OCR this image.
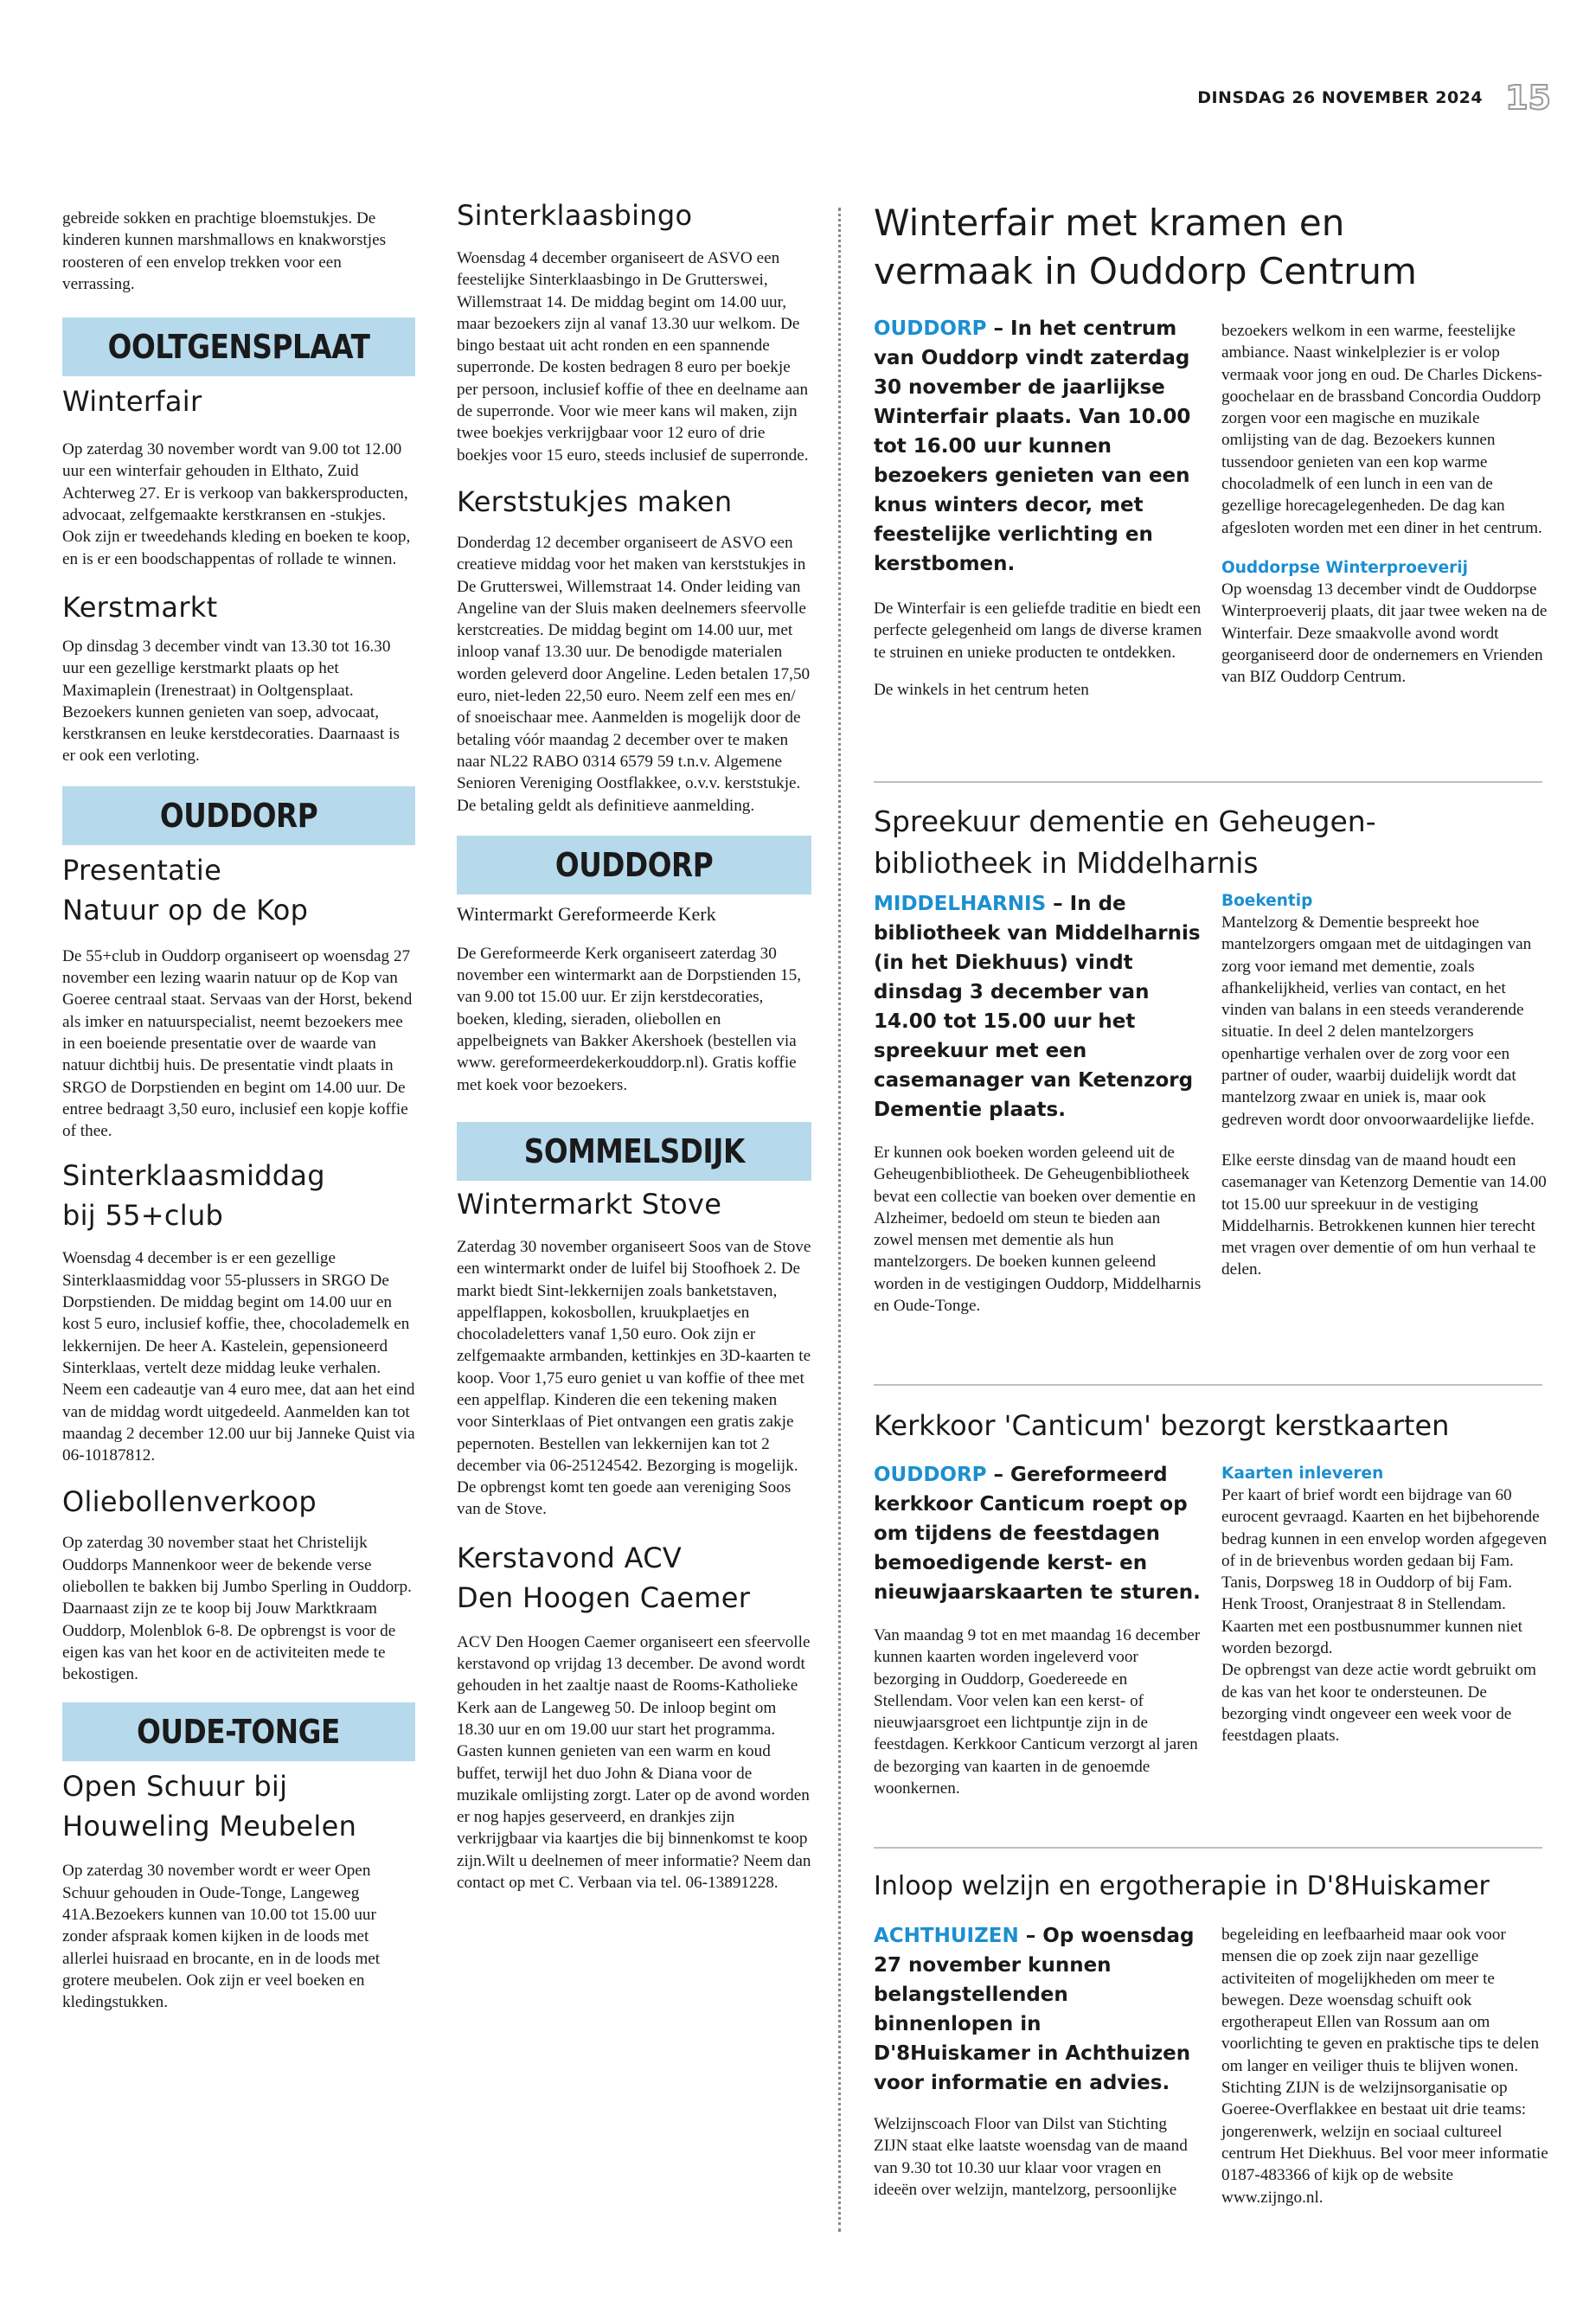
DINSDAG 26 NOVEMBER 2024 15

gebreide sokken en prachtige bloemstukjes. De kinderen kunnen marshmallows en knakworstjes roosteren of een envelop trekken voor een verrassing.

OOLTGENSPLAAT
Winterfair

Op zaterdag 30 november wordt van 9.00 tot 12.00 uur een winterfair gehouden in Elthato, Zuid Achterweg 27. Er is verkoop van bakkersproducten, advocaat, zelfgemaakte kerstkransen en -stukjes. Ook zijn er tweedehands kleding en boeken te koop, en is er een boodschappentas of rollade te winnen.

Kerstmarkt

Op dinsdag 3 december vindt van 13.30 tot 16.30 uur een gezellige kerstmarkt plaats op het Maximaplein (Irenestraat) in Ooltgensplaat. Bezoekers kunnen genieten van soep, advocaat, kerstkransen en leuke kerstdecoraties. Daarnaast is er ook een verloting.

OUDDORP
Presentatie
Natuur op de Kop

De 55+club in Ouddorp organiseert op woensdag 27 november een lezing waarin natuur op de Kop van Goeree centraal staat. Servaas van der Horst, bekend als imker en natuurspecialist, neemt bezoekers mee in een boeiende presentatie over de waarde van natuur dichtbij huis. De presentatie vindt plaats in SRGO de Dorpstienden en begint om 14.00 uur. De entree bedraagt 3,50 euro, inclusief een kopje koffie of thee.

Sinterklaasmiddag
bij 55+club

Woensdag 4 december is er een gezellige Sinterklaasmiddag voor 55-plussers in SRGO De Dorpstienden. De middag begint om 14.00 uur en kost 5 euro, inclusief koffie, thee, chocolademelk en lekkernijen. De heer A. Kastelein, gepensioneerd Sinterklaas, vertelt deze middag leuke verhalen. Neem een cadeautje van 4 euro mee, dat aan het eind van de middag wordt uitgedeeld. Aanmelden kan tot maandag 2 december 12.00 uur bij Janneke Quist via 06-10187812.

Oliebollenverkoop

Op zaterdag 30 november staat het Christelijk Ouddorps Mannenkoor weer de bekende verse oliebollen te bakken bij Jumbo Sperling in Ouddorp. Daarnaast zijn ze te koop bij Jouw Marktkraam Ouddorp, Molenblok 6-8. De opbrengst is voor de eigen kas van het koor en de activiteiten mede te bekostigen.

OUDE-TONGE
Open Schuur bij
Houweling Meubelen

Op zaterdag 30 november wordt er weer Open Schuur gehouden in Oude-Tonge, Langeweg 41A.Bezoekers kunnen van 10.00 tot 15.00 uur zonder afspraak komen kijken in de loods met allerlei huisraad en brocante, en in de loods met grotere meubelen. Ook zijn er veel boeken en kledingstukken.

Sinterklaasbingo

Woensdag 4 december organiseert de ASVO een feestelijke Sinterklaasbingo in De Grutterswei, Willemstraat 14. De middag begint om 14.00 uur, maar bezoekers zijn al vanaf 13.30 uur welkom. De bingo bestaat uit acht ronden en een spannende superronde. De kosten bedragen 8 euro per boekje per persoon, inclusief koffie of thee en deelname aan de superronde. Voor wie meer kans wil maken, zijn twee boekjes verkrijgbaar voor 12 euro of drie boekjes voor 15 euro, steeds inclusief de superronde.

Kerststukjes maken

Donderdag 12 december organiseert de ASVO een creatieve middag voor het maken van kerststukjes in De Grutterswei, Willemstraat 14. Onder leiding van Angeline van der Sluis maken deelnemers sfeervolle kerstcreaties. De middag begint om 14.00 uur, met inloop vanaf 13.30 uur. De benodigde materialen worden geleverd door Angeline. Leden betalen 17,50 euro, niet-leden 22,50 euro. Neem zelf een mes en/ of snoeischaar mee. Aanmelden is mogelijk door de betaling vóór maandag 2 december over te maken naar NL22 RABO 0314 6579 59 t.n.v. Algemene Senioren Vereniging Oostflakkee, o.v.v. kerststukje. De betaling geldt als definitieve aanmelding.

OUDDORP

Wintermarkt Gereformeerde Kerk

De Gereformeerde Kerk organiseert zaterdag 30 november een wintermarkt aan de Dorpstienden 15, van 9.00 tot 15.00 uur. Er zijn kerstdecoraties, boeken, kleding, sieraden, oliebollen en appelbeignets van Bakker Akershoek (bestellen via www. gereformeerdekerkouddorp.nl). Gratis koffie met koek voor bezoekers.

SOMMELSDIJK
Wintermarkt Stove

Zaterdag 30 november organiseert Soos van de Stove een wintermarkt onder de luifel bij Stoofhoek 2. De markt biedt Sint-lekkernijen zoals banketstaven, appelflappen, kokosbollen, kruukplaetjes en chocoladeletters vanaf 1,50 euro. Ook zijn er zelfgemaakte armbanden, kettinkjes en 3D-kaarten te koop. Voor 1,75 euro geniet u van koffie of thee met een appelflap. Kinderen die een tekening maken voor Sinterklaas of Piet ontvangen een gratis zakje pepernoten. Bestellen van lekkernijen kan tot 2 december via 06-25124542. Bezorging is mogelijk. De opbrengst komt ten goede aan vereniging Soos van de Stove.

Kerstavond ACV
Den Hoogen Caemer

ACV Den Hoogen Caemer organiseert een sfeervolle kerstavond op vrijdag 13 december. De avond wordt gehouden in het zaaltje naast de Rooms-Katholieke Kerk aan de Langeweg 50. De inloop begint om 18.30 uur en om 19.00 uur start het programma. Gasten kunnen genieten van een warm en koud buffet, terwijl het duo John & Diana voor de muzikale omlijsting zorgt. Later op de avond worden er nog hapjes geserveerd, en drankjes zijn verkrijgbaar via kaartjes die bij binnenkomst te koop zijn.Wilt u deelnemen of meer informatie? Neem dan contact op met C. Verbaan via tel. 06-13891228.

Winterfair met kramen en
vermaak in Ouddorp Centrum

OUDDORP – In het centrum van Ouddorp vindt zaterdag 30 november de jaarlijkse Winterfair plaats. Van 10.00 tot 16.00 uur kunnen bezoekers genieten van een knus winters decor, met feestelijke verlichting en kerstbomen.

De Winterfair is een geliefde traditie en biedt een perfecte gelegenheid om langs de diverse kramen te struinen en unieke producten te ontdekken.

De winkels in het centrum heten

bezoekers welkom in een warme, feestelijke ambiance. Naast winkelplezier is er volop vermaak voor jong en oud. De Charles Dickens-goochelaar en de brassband Concordia Ouddorp zorgen voor een magische en muzikale omlijsting van de dag. Bezoekers kunnen tussendoor genieten van een kop warme chocoladmelk of een lunch in een van de gezellige horecagelegenheden. De dag kan afgesloten worden met een diner in het centrum.

Ouddorpse Winterproeverij

Op woensdag 13 december vindt de Ouddorpse Winterproeverij plaats, dit jaar twee weken na de Winterfair. Deze smaakvolle avond wordt georganiseerd door de ondernemers en Vrienden van BIZ Ouddorp Centrum.

Spreekuur dementie en Geheugen-
bibliotheek in Middelharnis

MIDDELHARNIS – In de bibliotheek van Middelharnis (in het Diekhuus) vindt dinsdag 3 december van 14.00 tot 15.00 uur het spreekuur met een casemanager van Ketenzorg Dementie plaats.

Er kunnen ook boeken worden geleend uit de Geheugenbibliotheek. De Geheugenbibliotheek bevat een collectie van boeken over dementie en Alzheimer, bedoeld om steun te bieden aan zowel mensen met dementie als hun mantelzorgers. De boeken kunnen geleend worden in de vestigingen Ouddorp, Middelharnis en Oude-Tonge.

Boekentip

Mantelzorg & Dementie bespreekt hoe mantelzorgers omgaan met de uitdagingen van zorg voor iemand met dementie, zoals afhankelijkheid, verlies van contact, en het vinden van balans in een steeds veranderende situatie. In deel 2 delen mantelzorgers openhartige verhalen over de zorg voor een partner of ouder, waarbij duidelijk wordt dat mantelzorg zwaar en uniek is, maar ook gedreven wordt door onvoorwaardelijke liefde.

Elke eerste dinsdag van de maand houdt een casemanager van Ketenzorg Dementie van 14.00 tot 15.00 uur spreekuur in de vestiging Middelharnis. Betrokkenen kunnen hier terecht met vragen over dementie of om hun verhaal te delen.

Kerkkoor 'Canticum' bezorgt kerstkaarten

OUDDORP – Gereformeerd kerkkoor Canticum roept op om tijdens de feestdagen bemoedigende kerst- en nieuwjaarskaarten te sturen.

Van maandag 9 tot en met maandag 16 december kunnen kaarten worden ingeleverd voor bezorging in Ouddorp, Goedereede en Stellendam. Voor velen kan een kerst- of nieuwjaarsgroet een lichtpuntje zijn in de feestdagen. Kerkkoor Canticum verzorgt al jaren de bezorging van kaarten in de genoemde woonkernen.

Kaarten inleveren

Per kaart of brief wordt een bijdrage van 60 eurocent gevraagd. Kaarten en het bijbehorende bedrag kunnen in een envelop worden afgegeven of in de brievenbus worden gedaan bij Fam. Tanis, Dorpsweg 18 in Ouddorp of bij Fam. Henk Troost, Oranjestraat 8 in Stellendam. Kaarten met een postbusnummer kunnen niet worden bezorgd.

De opbrengst van deze actie wordt gebruikt om de kas van het koor te ondersteunen. De bezorging vindt ongeveer een week voor de feestdagen plaats.

Inloop welzijn en ergotherapie in D'8Huiskamer

ACHTHUIZEN – Op woensdag 27 november kunnen belangstellenden binnenlopen in D'8Huiskamer in Achthuizen voor informatie en advies.

Welzijnscoach Floor van Dilst van Stichting ZIJN staat elke laatste woensdag van de maand van 9.30 tot 10.30 uur klaar voor vragen en ideeën over welzijn, mantelzorg, persoonlijke

begeleiding en leefbaarheid maar ook voor mensen die op zoek zijn naar gezellige activiteiten of mogelijkheden om meer te bewegen. Deze woensdag schuift ook ergotherapeut Ellen van Rossum aan om voorlichting te geven en praktische tips te delen om langer en veiliger thuis te blijven wonen. Stichting ZIJN is de welzijnsorganisatie op Goeree-Overflakkee en bestaat uit drie teams: jongerenwerk, welzijn en sociaal cultureel centrum Het Diekhuus. Bel voor meer informatie 0187-483366 of kijk op de website www.zijngo.nl.
